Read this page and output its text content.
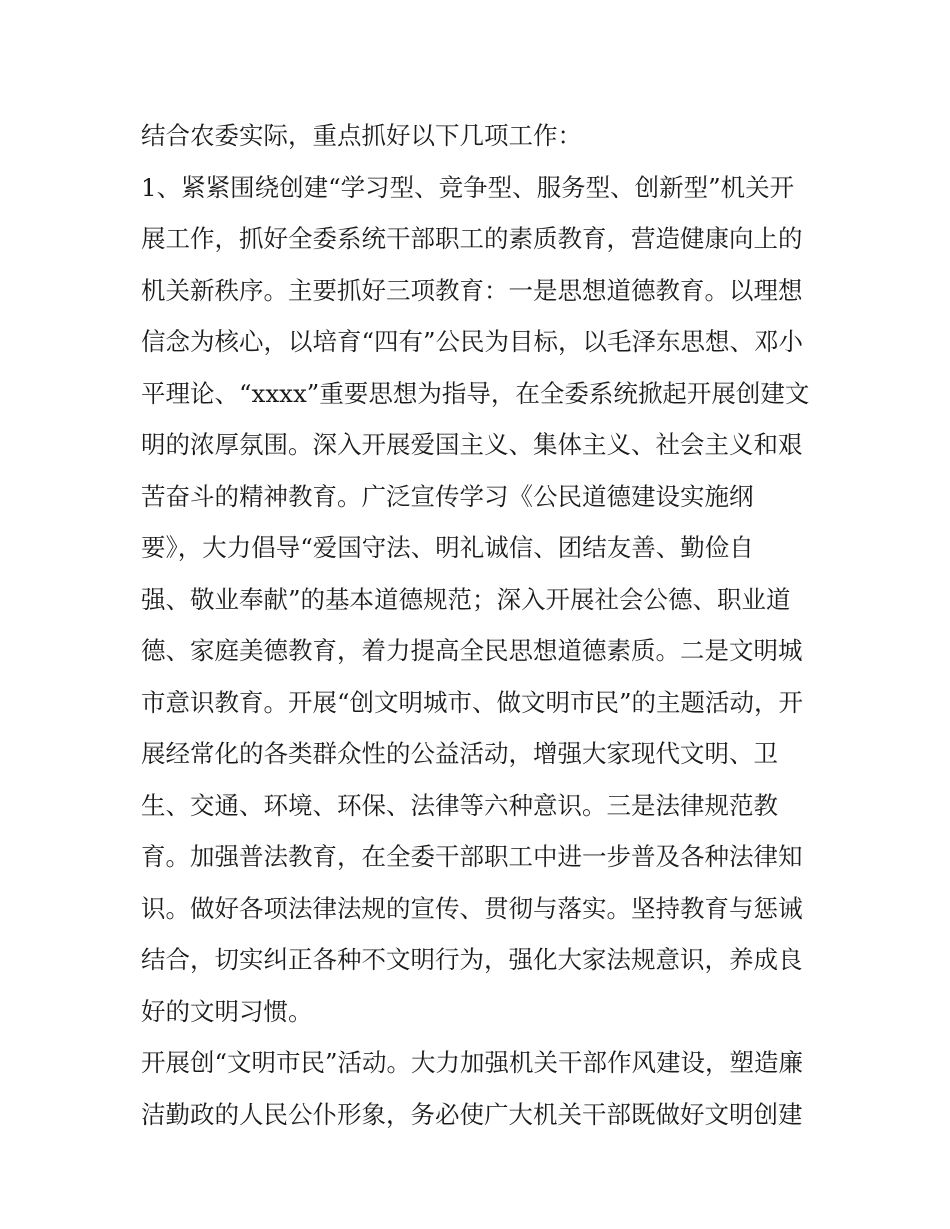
结合农委实际，重点抓好以下几项工作：
1、紧紧围绕创建“学习型、竞争型、服务型、创新型”机关开
展工作，抓好全委系统干部职工的素质教育，营造健康向上的
机关新秩序。主要抓好三项教育：一是思想道德教育。以理想
信念为核心，以培育“四有”公民为目标，以毛泽东思想、邓小
平理论、“xxxx”重要思想为指导，在全委系统掀起开展创建文
明的浓厚氛围。深入开展爱国主义、集体主义、社会主义和艰
苦奋斗的精神教育。广泛宣传学习《公民道德建设实施纲
要》，大力倡导“爱国守法、明礼诚信、团结友善、勤俭自
强、敬业奉献”的基本道德规范；深入开展社会公德、职业道
德、家庭美德教育，着力提高全民思想道德素质。二是文明城
市意识教育。开展“创文明城市、做文明市民”的主题活动，开
展经常化的各类群众性的公益活动，增强大家现代文明、卫
生、交通、环境、环保、法律等六种意识。三是法律规范教
育。加强普法教育，在全委干部职工中进一步普及各种法律知
识。做好各项法律法规的宣传、贯彻与落实。坚持教育与惩诫
结合，切实纠正各种不文明行为，强化大家法规意识，养成良
好的文明习惯。
开展创“文明市民”活动。大力加强机关干部作风建设，塑造廉
洁勤政的人民公仆形象，务必使广大机关干部既做好文明创建
